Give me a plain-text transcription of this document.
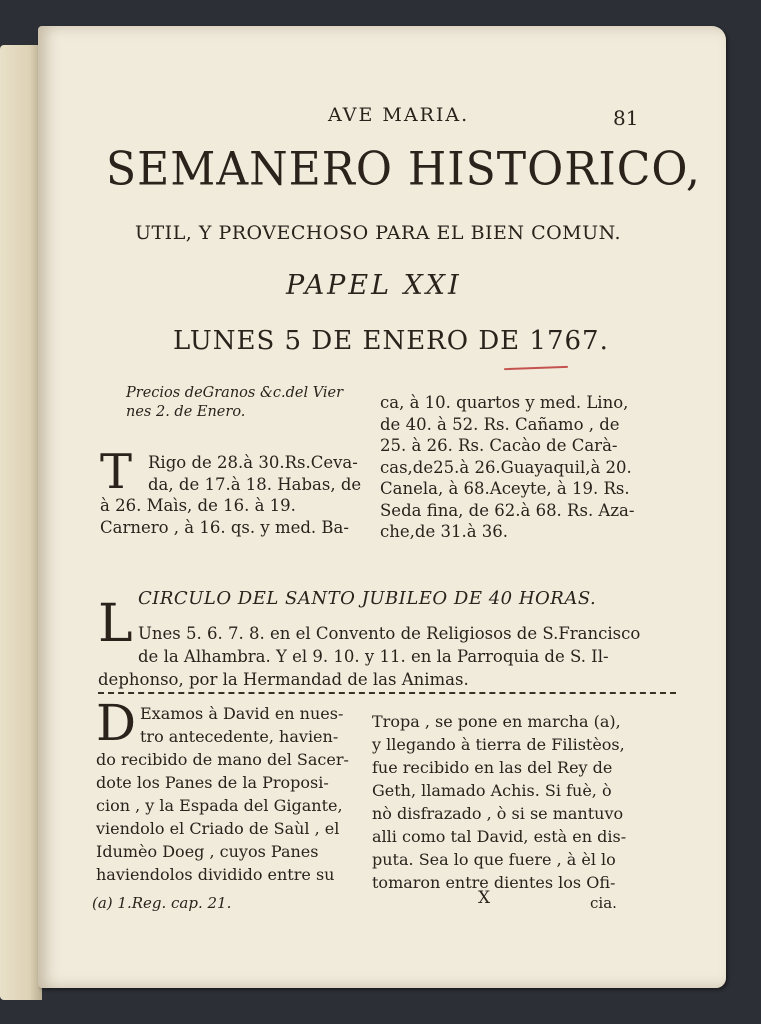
AVE MARIA.	81
SEMANERO HISTORICO,
UTIL, Y PROVECHOSO PARA EL BIEN COMUN.
PAPEL XXI
LUNES 5 DE ENERO DE 1767.

Precios deGranos &c.del Vier

nes 2. de Enero.

T Rigo de 28.à 30.Rs.Ceva-

da, de 17.à 18. Habas, de

à 26. Maìs, de 16. à 19.

Carnero , à 16. qs. y med. Ba-

ca, à 10. quartos y med. Lino,

de 40. à 52. Rs. Cañamo , de

25. à 26. Rs. Cacào de Carà-

cas,de25.à 26.Guayaquil,à 20.

Canela, à 68.Aceyte, à 19. Rs.

Seda fina, de 62.à 68. Rs. Aza-

che,de 31.à 36.

CIRCULO DEL SANTO JUBILEO DE 40 HORAS.
L Unes 5. 6. 7. 8. en el Convento de Religiosos de S.Francisco

de la Alhambra. Y el 9. 10. y 11. en la Parroquia de S. Il-

dephonso, por la Hermandad de las Animas.

D Examos à David en nues-

tro antecedente, havien-

do recibido de mano del Sacer-

dote los Panes de la Proposi-

cion , y la Espada del Gigante,

viendolo el Criado de Saùl , el

Idumèo Doeg , cuyos Panes

haviendolos dividido entre su

Tropa , se pone en marcha (a),

y llegando à tierra de Filistèos,

fue recibido en las del Rey de

Geth, llamado Achis. Si fuè, ò

nò disfrazado , ò si se mantuvo

alli como tal David, està en dis-

puta. Sea lo que fuere , à èl lo

tomaron entre dientes los Ofi-

(a) 1.Reg. cap. 21.	X	cia.
